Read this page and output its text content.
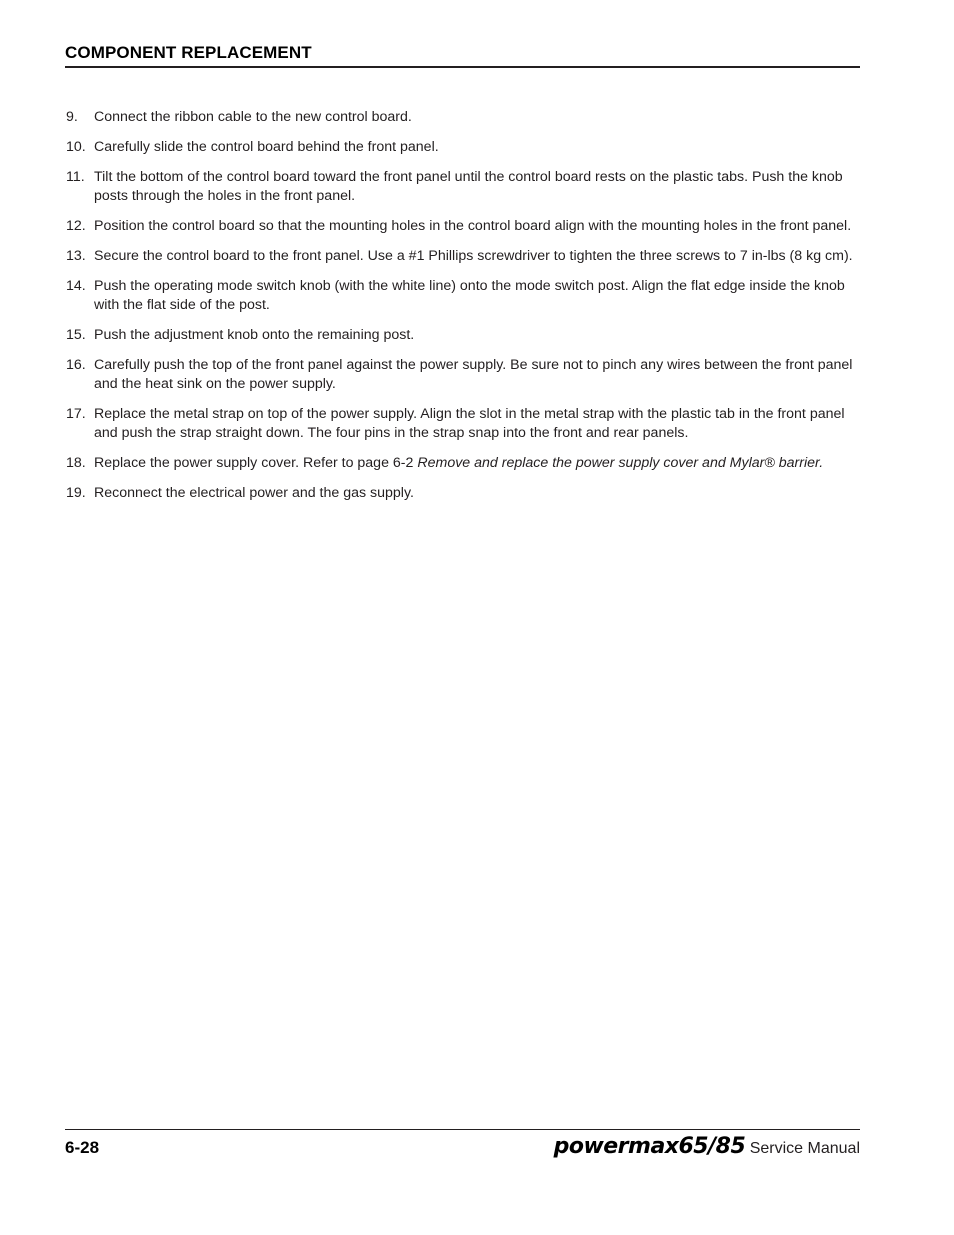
COMPONENT REPLACEMENT
9. Connect the ribbon cable to the new control board.
10. Carefully slide the control board behind the front panel.
11. Tilt the bottom of the control board toward the front panel until the control board rests on the plastic tabs. Push the knob posts through the holes in the front panel.
12. Position the control board so that the mounting holes in the control board align with the mounting holes in the front panel.
13. Secure the control board to the front panel. Use a #1 Phillips screwdriver to tighten the three screws to 7 in-lbs (8 kg cm).
14. Push the operating mode switch knob (with the white line) onto the mode switch post. Align the flat edge inside the knob with the flat side of the post.
15. Push the adjustment knob onto the remaining post.
16. Carefully push the top of the front panel against the power supply. Be sure not to pinch any wires between the front panel and the heat sink on the power supply.
17. Replace the metal strap on top of the power supply. Align the slot in the metal strap with the plastic tab in the front panel and push the strap straight down. The four pins in the strap snap into the front and rear panels.
18. Replace the power supply cover. Refer to page 6-2 Remove and replace the power supply cover and Mylar® barrier.
19. Reconnect the electrical power and the gas supply.
6-28	powermax65/85 Service Manual
